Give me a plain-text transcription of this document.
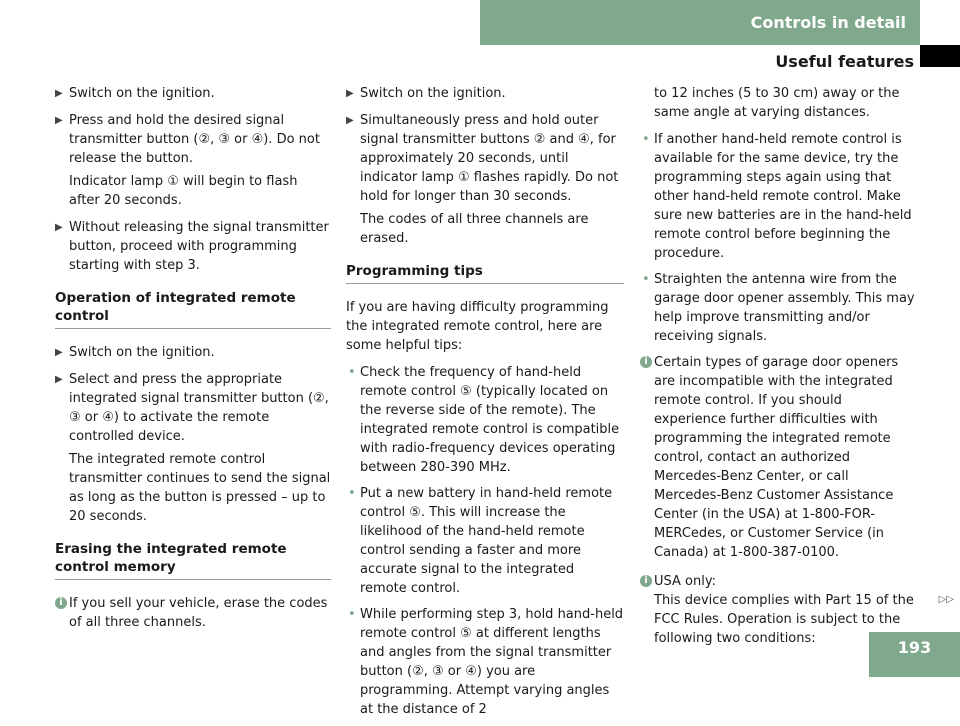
Controls in detail
Useful features

▶ Switch on the ignition.

▶ Press and hold the desired signal transmitter button (②, ③ or ④). Do not release the button.

Indicator lamp ① will begin to flash after 20 seconds.

▶ Without releasing the signal transmitter button, proceed with programming starting with step 3.

Operation of integrated remote control

▶ Switch on the ignition.

▶ Select and press the appropriate integrated signal transmitter button (②, ③ or ④) to activate the remote controlled device.

The integrated remote control transmitter continues to send the signal as long as the button is pressed – up to 20 seconds.

Erasing the integrated remote control memory

i If you sell your vehicle, erase the codes of all three channels.

▶ Switch on the ignition.

▶ Simultaneously press and hold outer signal transmitter buttons ② and ④, for approximately 20 seconds, until indicator lamp ① flashes rapidly. Do not hold for longer than 30 seconds.

The codes of all three channels are erased.

Programming tips

If you are having difficulty programming the integrated remote control, here are some helpful tips:

• Check the frequency of hand-held remote control ⑤ (typically located on the reverse side of the remote). The integrated remote control is compatible with radio-frequency devices operating between 280-390 MHz.

• Put a new battery in hand-held remote control ⑤. This will increase the likelihood of the hand-held remote control sending a faster and more accurate signal to the integrated remote control.

• While performing step 3, hold hand-held remote control ⑤ at different lengths and angles from the signal transmitter button (②, ③ or ④) you are programming. Attempt varying angles at the distance of 2

to 12 inches (5 to 30 cm) away or the same angle at varying distances.

• If another hand-held remote control is available for the same device, try the programming steps again using that other hand-held remote control. Make sure new batteries are in the hand-held remote control before beginning the procedure.

• Straighten the antenna wire from the garage door opener assembly. This may help improve transmitting and/or receiving signals.

i Certain types of garage door openers are incompatible with the integrated remote control. If you should experience further difficulties with programming the integrated remote control, contact an authorized Mercedes-Benz Center, or call Mercedes-Benz Customer Assistance Center (in the USA) at 1-800-FOR-MERCedes, or Customer Service (in Canada) at 1-800-387-0100.

i USA only:

This device complies with Part 15 of the FCC Rules. Operation is subject to the following two conditions:

▷▷
193
